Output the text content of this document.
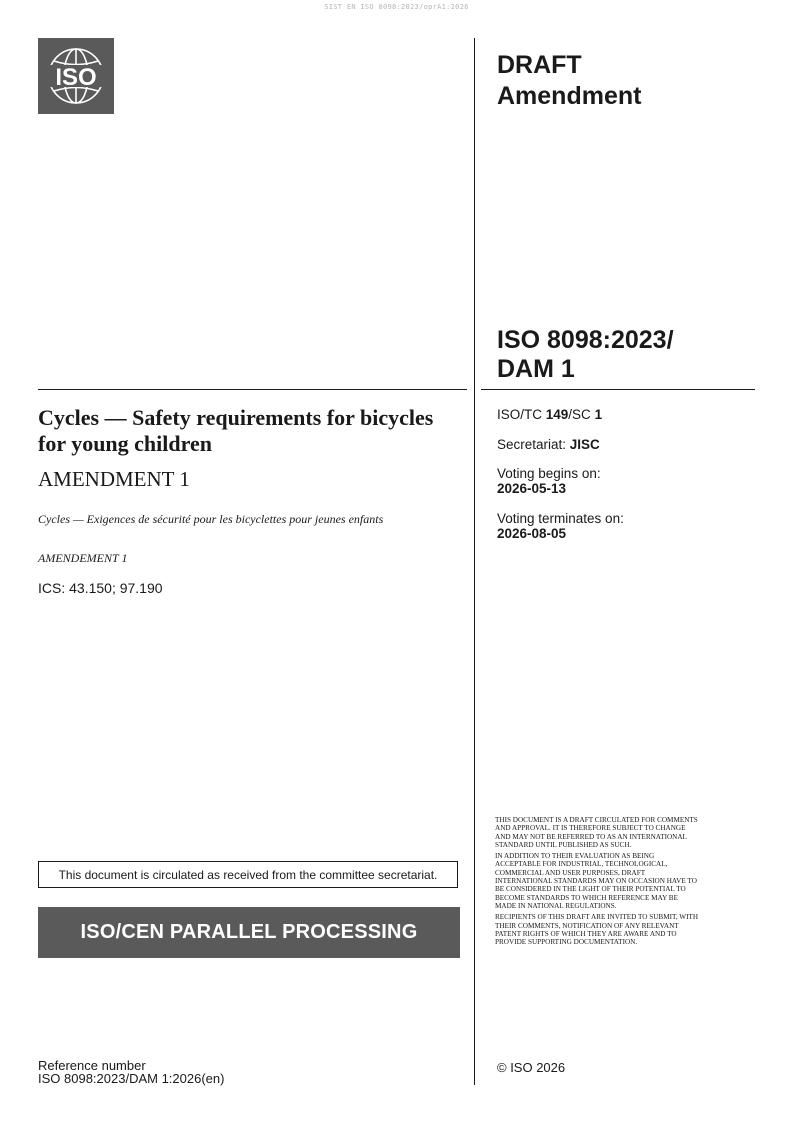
SIST EN ISO 8098:2023/oprA1:2026
ISO	DRAFT
Amendment
ISO 8098:2023/
DAM 1
Cycles — Safety requirements for bicycles for young children
AMENDMENT 1
Cycles — Exigences de sécurité pour les bicyclettes pour jeunes enfants
AMENDEMENT 1
ICS: 43.150; 97.190
ISO/TC 149/SC 1
Secretariat: JISC
Voting begins on:
2026-05-13
Voting terminates on:
2026-08-05
This document is circulated as received from the committee secretariat.
ISO/CEN PARALLEL PROCESSING

THIS DOCUMENT IS A DRAFT CIRCULATED FOR COMMENTS AND APPROVAL. IT IS THEREFORE SUBJECT TO CHANGE AND MAY NOT BE REFERRED TO AS AN INTERNATIONAL STANDARD UNTIL PUBLISHED AS SUCH.

IN ADDITION TO THEIR EVALUATION AS BEING ACCEPTABLE FOR INDUSTRIAL, TECHNOLOGICAL, COMMERCIAL AND USER PURPOSES, DRAFT INTERNATIONAL STANDARDS MAY ON OCCASION HAVE TO BE CONSIDERED IN THE LIGHT OF THEIR POTENTIAL TO BECOME STANDARDS TO WHICH REFERENCE MAY BE MADE IN NATIONAL REGULATIONS.

RECIPIENTS OF THIS DRAFT ARE INVITED TO SUBMIT, WITH THEIR COMMENTS, NOTIFICATION OF ANY RELEVANT PATENT RIGHTS OF WHICH THEY ARE AWARE AND TO PROVIDE SUPPORTING DOCUMENTATION.

© ISO 2026
Reference number
ISO 8098:2023/DAM 1:2026(en)
